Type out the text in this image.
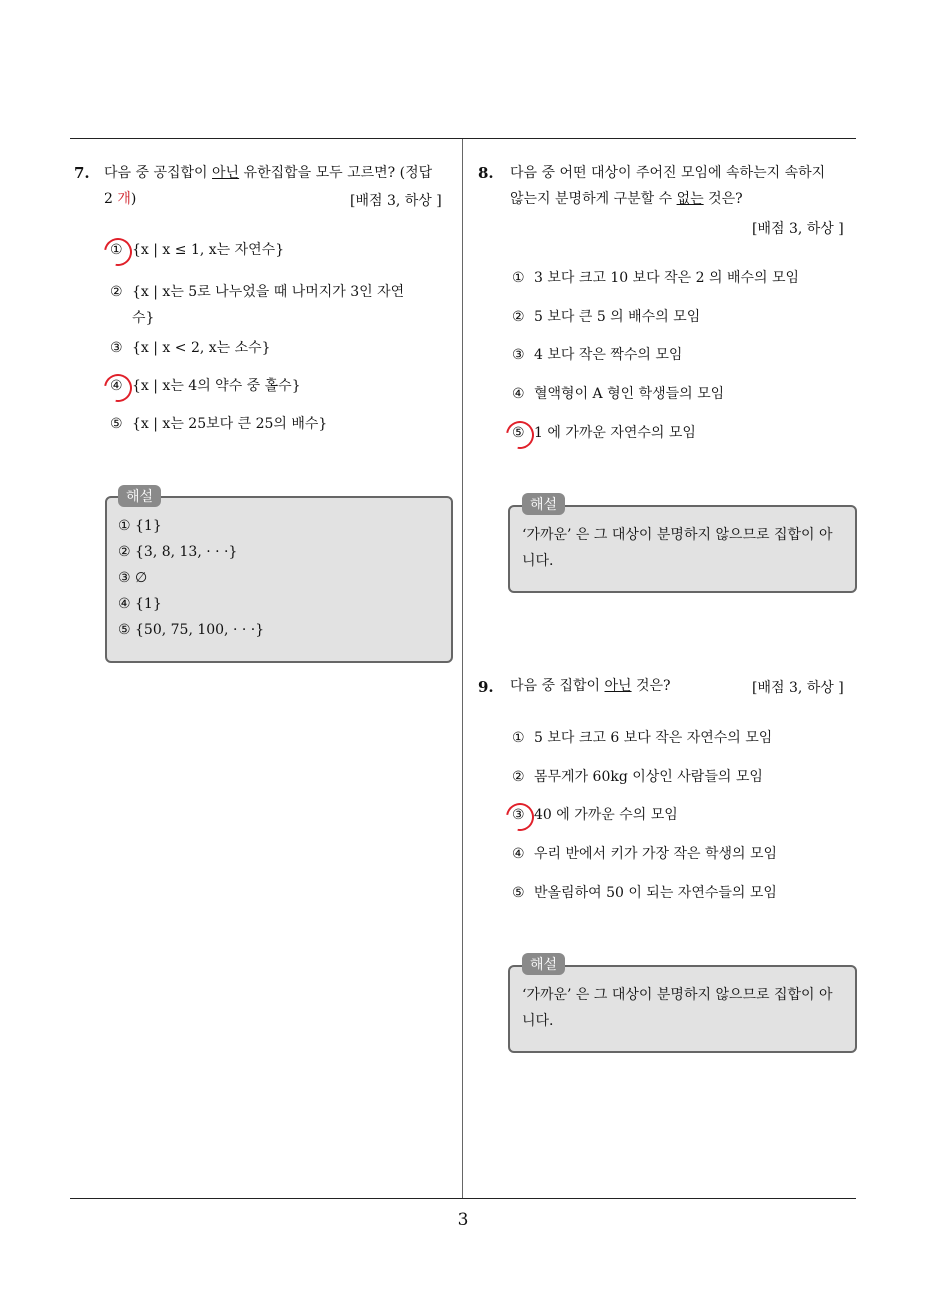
7. 다음 중 공집합이 아닌 유한집합을 모두 고르면? (정답
2 개)	[배점 3, 하상 ]
① {x | x ≤ 1, x는 자연수}
② {x | x는 5로 나누었을 때 나머지가 3인 자연
수}
③ {x | x < 2, x는 소수}
④ {x | x는 4의 약수 중 홀수}
⑤ {x | x는 25보다 큰 25의 배수}
해설
① {1}
② {3, 8, 13, · · ·}
③ ∅
④ {1}
⑤ {50, 75, 100, · · ·}
8. 다음 중 어떤 대상이 주어진 모임에 속하는지 속하지
않는지 분명하게 구분할 수 없는 것은?
[배점 3, 하상 ]
① 3 보다 크고 10 보다 작은 2 의 배수의 모임
② 5 보다 큰 5 의 배수의 모임
③ 4 보다 작은 짝수의 모임
④ 혈액형이 A 형인 학생들의 모임
⑤ 1 에 가까운 자연수의 모임
해설
‘가까운’ 은 그 대상이 분명하지 않으므로 집합이 아니다.
9. 다음 중 집합이 아닌 것은?	[배점 3, 하상 ]
① 5 보다 크고 6 보다 작은 자연수의 모임
② 몸무게가 60kg 이상인 사람들의 모임
③ 40 에 가까운 수의 모임
④ 우리 반에서 키가 가장 작은 학생의 모임
⑤ 반올림하여 50 이 되는 자연수들의 모임
해설
‘가까운’ 은 그 대상이 분명하지 않으므로 집합이 아니다.
3
